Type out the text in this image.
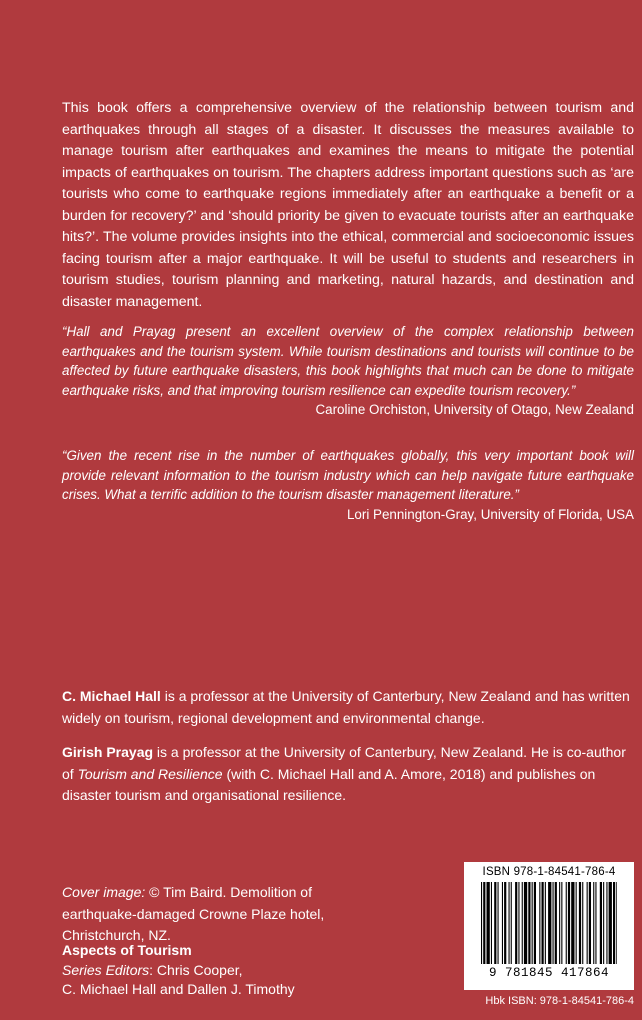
This book offers a comprehensive overview of the relationship between tourism and earthquakes through all stages of a disaster. It discusses the measures available to manage tourism after earthquakes and examines the means to mitigate the potential impacts of earthquakes on tourism. The chapters address important questions such as ‘are tourists who come to earthquake regions immediately after an earthquake a benefit or a burden for recovery?’ and ‘should priority be given to evacuate tourists after an earthquake hits?’. The volume provides insights into the ethical, commercial and socioeconomic issues facing tourism after a major earthquake. It will be useful to students and researchers in tourism studies, tourism planning and marketing, natural hazards, and destination and disaster management.

“Hall and Prayag present an excellent overview of the complex relationship between earthquakes and the tourism system. While tourism destinations and tourists will continue to be affected by future earthquake disasters, this book highlights that much can be done to mitigate earthquake risks, and that improving tourism resilience can expedite tourism recovery.”
Caroline Orchiston, University of Otago, New Zealand

“Given the recent rise in the number of earthquakes globally, this very important book will provide relevant information to the tourism industry which can help navigate future earthquake crises. What a terrific addition to the tourism disaster management literature.”
Lori Pennington-Gray, University of Florida, USA

C. Michael Hall is a professor at the University of Canterbury, New Zealand and has written widely on tourism, regional development and environmental change.

Girish Prayag is a professor at the University of Canterbury, New Zealand. He is co-author of Tourism and Resilience (with C. Michael Hall and A. Amore, 2018) and publishes on disaster tourism and organisational resilience.

Cover image: © Tim Baird. Demolition of earthquake-damaged Crowne Plaze hotel, Christchurch, NZ.

Aspects of Tourism
Series Editors: Chris Cooper,
C. Michael Hall and Dallen J. Timothy

ISBN 978-1-84541-786-4
9 781845 417864
Hbk ISBN: 978-1-84541-786-4
